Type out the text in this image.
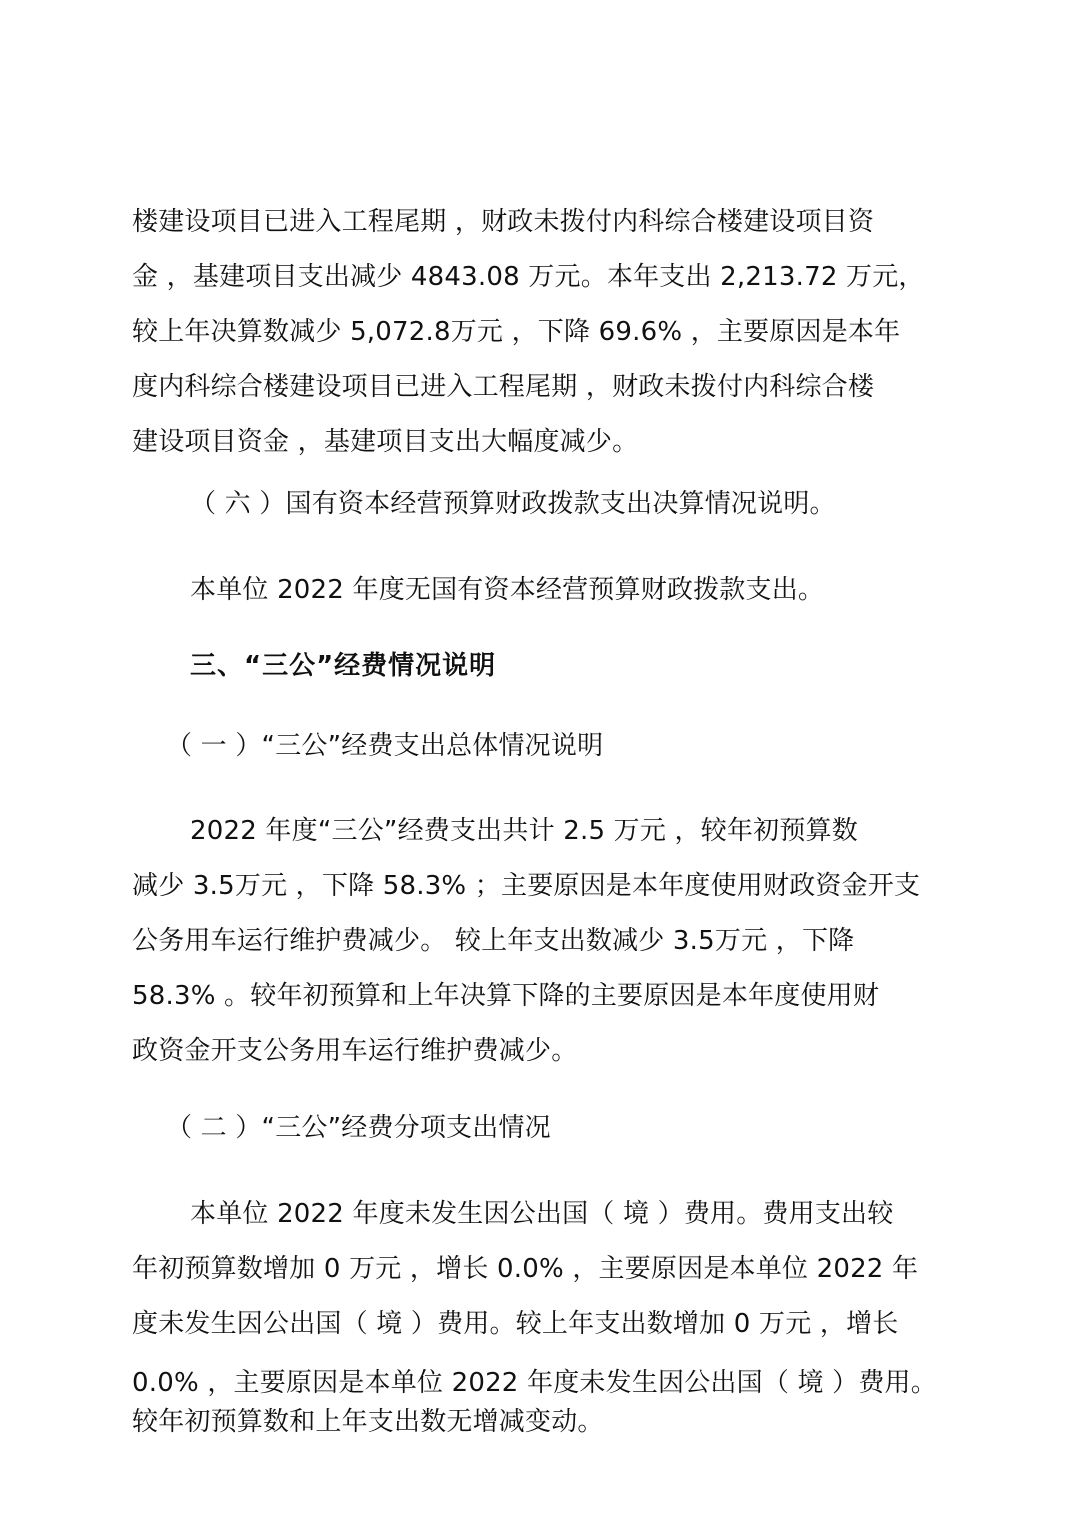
楼建设项目已进入工程尾期 ，财政未拨付内科综合楼建设项目资
金 ，基建项目支出减少 4843.08 万元。本年支出 2,213.72 万元，
较上年决算数减少 5,072.8万元 ，下降 69.6% ，主要原因是本年
度内科综合楼建设项目已进入工程尾期 ，财政未拨付内科综合楼
建设项目资金 ，基建项目支出大幅度减少。
（ 六 ）国有资本经营预算财政拨款支出决算情况说明。
本单位 2022 年度无国有资本经营预算财政拨款支出。
三、“三公”经费情况说明
（ 一 ）“三公”经费支出总体情况说明
2022 年度“三公”经费支出共计 2.5 万元 ，较年初预算数
减少 3.5万元 ，下降 58.3% ；主要原因是本年度使用财政资金开支
公务用车运行维护费减少。 较上年支出数减少 3.5万元 ，下降
58.3% 。较年初预算和上年决算下降的主要原因是本年度使用财
政资金开支公务用车运行维护费减少。
（ 二 ）“三公”经费分项支出情况
本单位 2022 年度未发生因公出国（ 境 ）费用。费用支出较
年初预算数增加 0 万元 ，增长 0.0% ，主要原因是本单位 2022 年
度未发生因公出国（ 境 ）费用。较上年支出数增加 0 万元 ，增长
0.0% ，主要原因是本单位 2022 年度未发生因公出国（ 境 ）费用。
较年初预算数和上年支出数无增减变动。
